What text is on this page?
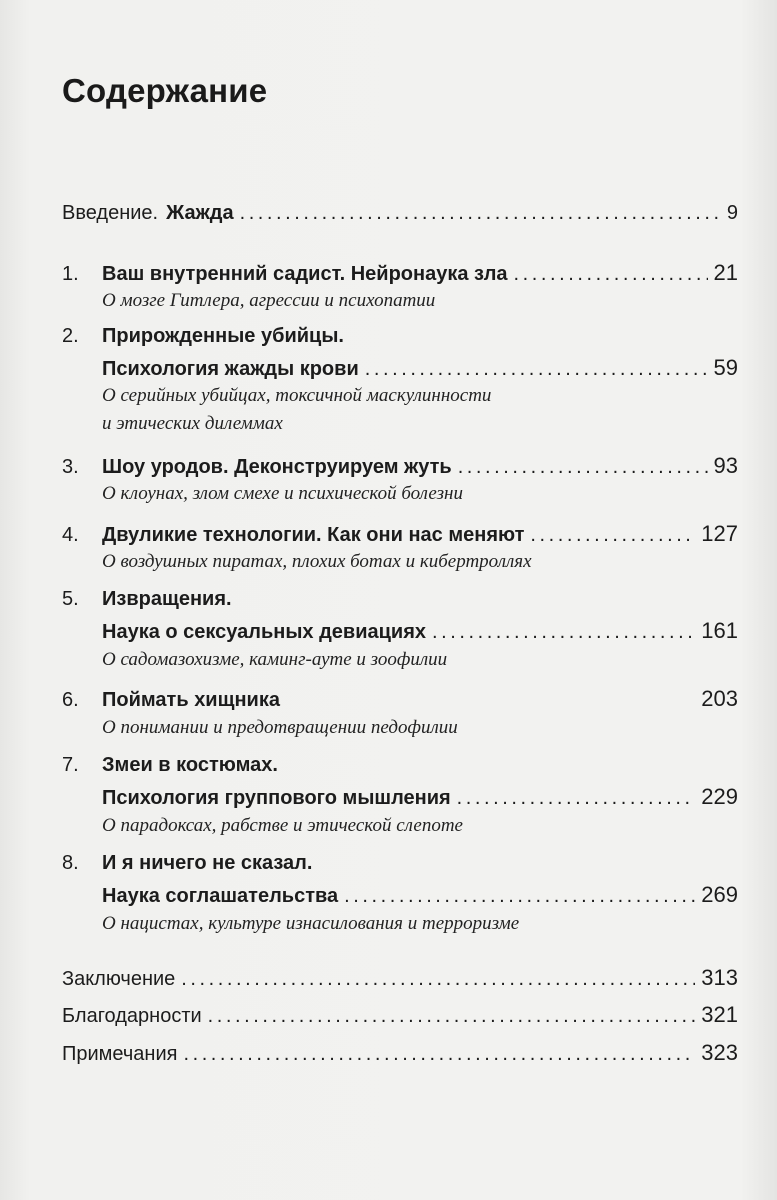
Содержание
Введение. Жажда . . .	9
1.	Ваш внутренний садист. Нейронаука зла . . .	21
О мозге Гитлера, агрессии и психопатии
2.	Прирожденные убийцы.
Психология жажды крови . . .	59
О серийных убийцах, токсичной маскулинности
и этических дилеммах
3.	Шоу уродов. Деконструируем жуть . . .	93
О клоунах, злом смехе и психической болезни
4.	Двуликие технологии. Как они нас меняют . . .	127
О воздушных пиратах, плохих ботах и кибертроллях
5.	Извращения.
Наука о сексуальных девиациях . . .	161
О садомазохизме, каминг-ауте и зоофилии
6.	Поймать хищника	203
О понимании и предотвращении педофилии
7.	Змеи в костюмах.
Психология группового мышления . . .	229
О парадоксах, рабстве и этической слепоте
8.	И я ничего не сказал.
Наука соглашательства . . .	269
О нацистах, культуре изнасилования и терроризме
Заключение . . .	313
Благодарности . . .	321
Примечания . . .	323
